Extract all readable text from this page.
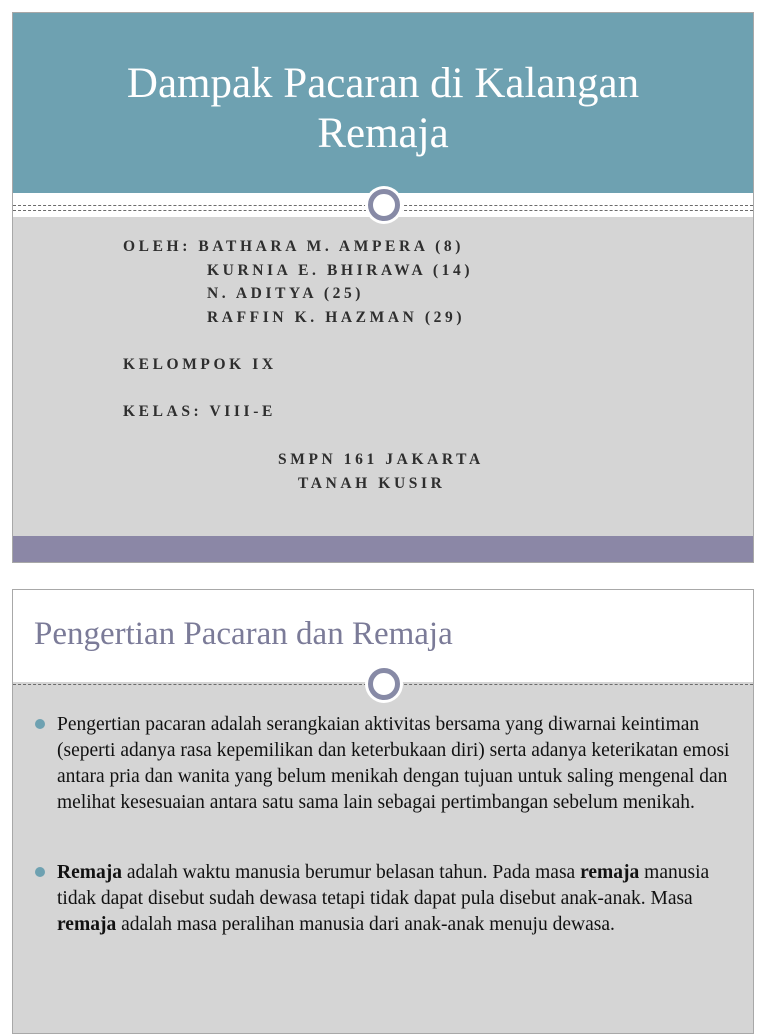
Dampak Pacaran di Kalangan Remaja
OLEH: BATHARA M. AMPERA (8)
KURNIA E. BHIRAWA (14)
N. ADITYA (25)
RAFFIN K. HAZMAN (29)
KELOMPOK IX
KELAS: VIII-E
SMPN 161 JAKARTA
TANAH KUSIR
Pengertian Pacaran dan Remaja
Pengertian pacaran adalah serangkaian aktivitas bersama yang diwarnai keintiman (seperti adanya rasa kepemilikan dan keterbukaan diri) serta adanya keterikatan emosi antara pria dan wanita yang belum menikah dengan tujuan untuk saling mengenal dan melihat kesesuaian antara satu sama lain sebagai pertimbangan sebelum menikah.
Remaja adalah waktu manusia berumur belasan tahun. Pada masa remaja manusia tidak dapat disebut sudah dewasa tetapi tidak dapat pula disebut anak-anak. Masa remaja adalah masa peralihan manusia dari anak-anak menuju dewasa.
